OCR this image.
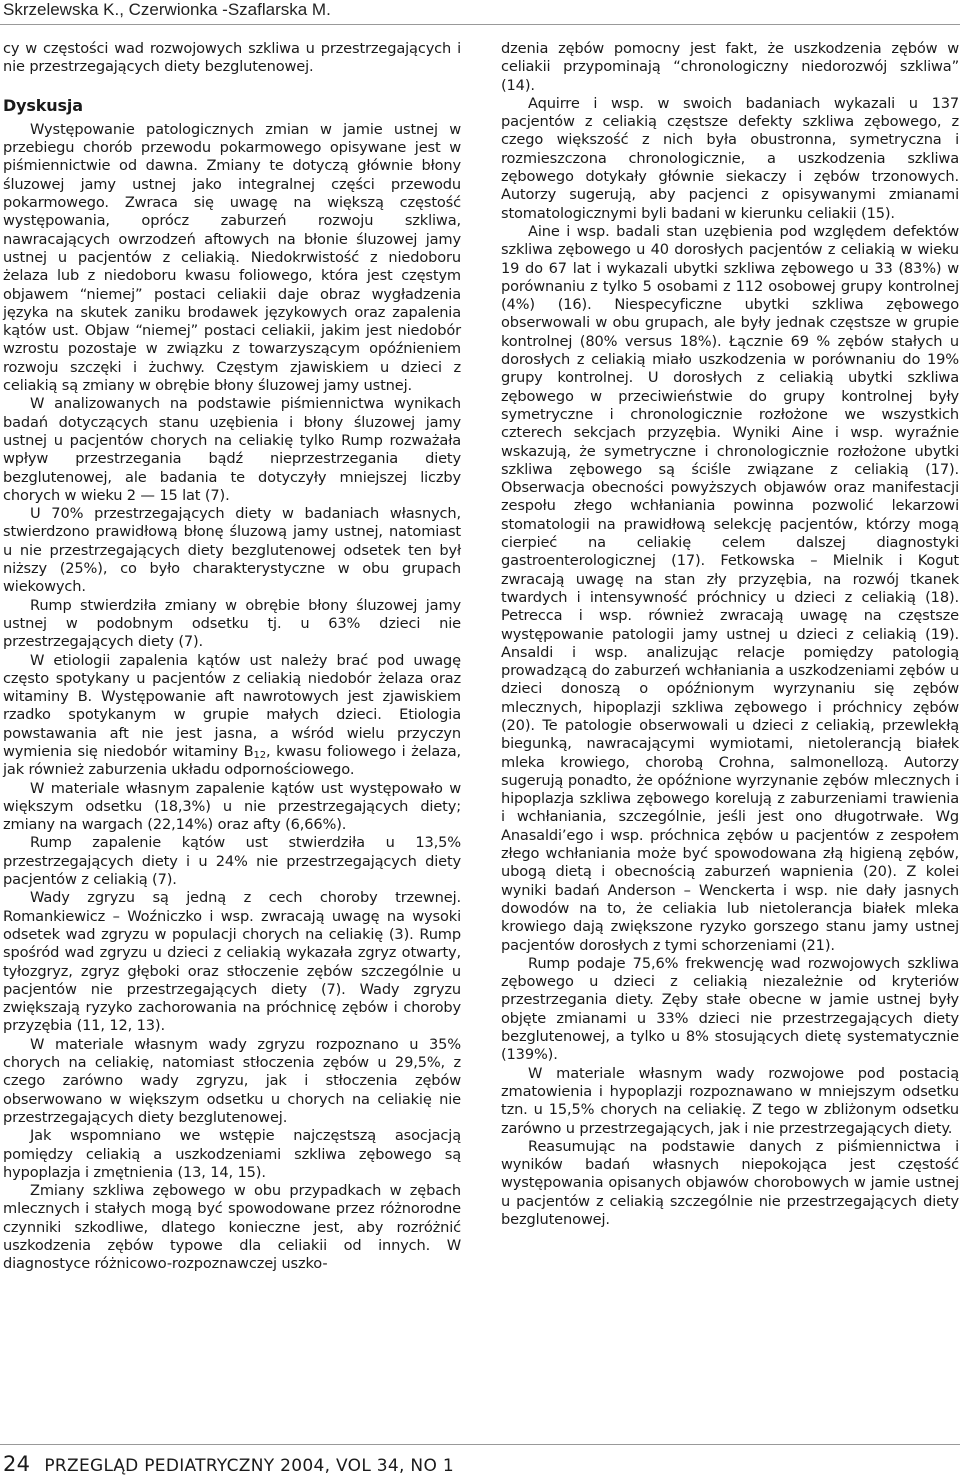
Skrzelewska K., Czerwionka -Szaflarska M.

cy w częstości wad rozwojowych szkliwa u przestrzegających i nie przestrzegających diety bezglutenowej.

Dyskusja

Występowanie patologicznych zmian w jamie ustnej w przebiegu chorób przewodu pokarmowego opisywane jest w piśmiennictwie od dawna. Zmiany te dotyczą głównie błony śluzowej jamy ustnej jako integralnej części przewodu pokarmowego. Zwraca się uwagę na większą częstość występowania, oprócz zaburzeń rozwoju szkliwa, nawracających owrzodzeń aftowych na błonie śluzowej jamy ustnej u pacjentów z celiakią. Niedokrwistość z niedoboru żelaza lub z niedoboru kwasu foliowego, która jest częstym objawem “niemej” postaci celiakii daje obraz wygładzenia języka na skutek zaniku brodawek językowych oraz zapalenia kątów ust. Objaw “niemej” postaci celiakii, jakim jest niedobór wzrostu pozostaje w związku z towarzyszącym opóźnieniem rozwoju szczęki i żuchwy. Częstym zjawiskiem u dzieci z celiakią są zmiany w obrębie błony śluzowej jamy ustnej.

W analizowanych na podstawie piśmiennictwa wynikach badań dotyczących stanu uzębienia i błony śluzowej jamy ustnej u pacjentów chorych na celiakię tylko Rump rozważała wpływ przestrzegania bądź nieprzestrzegania diety bezglutenowej, ale badania te dotyczyły mniejszej liczby chorych w wieku 2 — 15 lat (7).

U 70% przestrzegających diety w badaniach własnych, stwierdzono prawidłową błonę śluzową jamy ustnej, natomiast u nie przestrzegających diety bezglutenowej odsetek ten był niższy (25%), co było charakterystyczne w obu grupach wiekowych.

Rump stwierdziła zmiany w obrębie błony śluzowej jamy ustnej w podobnym odsetku tj. u 63% dzieci nie przestrzegających diety (7).

W etiologii zapalenia kątów ust należy brać pod uwagę często spotykany u pacjentów z celiakią niedobór żelaza oraz witaminy B. Występowanie aft nawrotowych jest zjawiskiem rzadko spotykanym w grupie małych dzieci. Etiologia powstawania aft nie jest jasna, a wśród wielu przyczyn wymienia się niedobór witaminy $B_{12}$, kwasu foliowego i żelaza, jak również zaburzenia układu odpornościowego.

W materiale własnym zapalenie kątów ust występowało w większym odsetku (18,3%) u nie przestrzegających diety; zmiany na wargach (22,14%) oraz afty (6,66%).

Rump zapalenie kątów ust stwierdziła u 13,5% przestrzegających diety i u 24% nie przestrzegających diety pacjentów z celiakią (7).

Wady zgryzu są jedną z cech choroby trzewnej. Romankiewicz – Woźniczko i wsp. zwracają uwagę na wysoki odsetek wad zgryzu w populacji chorych na celiakię (3). Rump spośród wad zgryzu u dzieci z celiakią wykazała zgryz otwarty, tyłozgryz, zgryz głęboki oraz stłoczenie zębów szczególnie u pacjentów nie przestrzegających diety (7). Wady zgryzu zwiększają ryzyko zachorowania na próchnicę zębów i choroby przyzębia (11, 12, 13).

W materiale własnym wady zgryzu rozpoznano u 35% chorych na celiakię, natomiast stłoczenia zębów u 29,5%, z czego zarówno wady zgryzu, jak i stłoczenia zębów obserwowano w większym odsetku u chorych na celiakię nie przestrzegających diety bezglutenowej.

Jak wspomniano we wstępie najczęstszą asocjacją pomiędzy celiakią a uszkodzeniami szkliwa zębowego są hypoplazja i zmętnienia (13, 14, 15).

Zmiany szkliwa zębowego w obu przypadkach w zębach mlecznych i stałych mogą być spowodowane przez różnorodne czynniki szkodliwe, dlatego konieczne jest, aby rozróżnić uszkodzenia zębów typowe dla celiakii od innych. W diagnostyce różnicowo-rozpoznawczej uszko-

dzenia zębów pomocny jest fakt, że uszkodzenia zębów w celiakii przypominają “chronologiczny niedorozwój szkliwa” (14).

Aquirre i wsp. w swoich badaniach wykazali u 137 pacjentów z celiakią częstsze defekty szkliwa zębowego, z czego większość z nich była obustronna, symetryczna i rozmieszczona chronologicznie, a uszkodzenia szkliwa zębowego dotykały głównie siekaczy i zębów trzonowych. Autorzy sugerują, aby pacjenci z opisywanymi zmianami stomatologicznymi byli badani w kierunku celiakii (15).

Aine i wsp. badali stan uzębienia pod względem defektów szkliwa zębowego u 40 dorosłych pacjentów z celiakią w wieku 19 do 67 lat i wykazali ubytki szkliwa zębowego u 33 (83%) w porównaniu z tylko 5 osobami z 112 osobowej grupy kontrolnej (4%) (16). Niespecyficzne ubytki szkliwa zębowego obserwowali w obu grupach, ale były jednak częstsze w grupie kontrolnej (80% versus 18%). Łącznie 69 % zębów stałych u dorosłych z celiakią miało uszkodzenia w porównaniu do 19% grupy kontrolnej. U dorosłych z celiakią ubytki szkliwa zębowego w przeciwieństwie do grupy kontrolnej były symetryczne i chronologicznie rozłożone we wszystkich czterech sekcjach przyzębia. Wyniki Aine i wsp. wyraźnie wskazują, że symetryczne i chronologicznie rozłożone ubytki szkliwa zębowego są ściśle związane z celiakią (17). Obserwacja obecności powyższych objawów oraz manifestacji zespołu złego wchłaniania powinna pozwolić lekarzowi stomatologii na prawidłową selekcję pacjentów, którzy mogą cierpieć na celiakię celem dalszej diagnostyki gastroenterologicznej (17). Fetkowska – Mielnik i Kogut zwracają uwagę na stan zły przyzębia, na rozwój tkanek twardych i intensywność próchnicy u dzieci z celiakią (18). Petrecca i wsp. również zwracają uwagę na częstsze występowanie patologii jamy ustnej u dzieci z celiakią (19). Ansaldi i wsp. analizując relacje pomiędzy patologią prowadzącą do zaburzeń wchłaniania a uszkodzeniami zębów u dzieci donoszą o opóźnionym wyrzynaniu się zębów mlecznych, hipoplazji szkliwa zębowego i próchnicy zębów (20). Te patologie obserwowali u dzieci z celiakią, przewlekłą biegunką, nawracającymi wymiotami, nietolerancją białek mleka krowiego, chorobą Crohna, salmonellozą. Autorzy sugerują ponadto, że opóźnione wyrzynanie zębów mlecznych i hipoplazja szkliwa zębowego korelują z zaburzeniami trawienia i wchłaniania, szczególnie, jeśli jest ono długotrwałe. Wg Anasaldi’ego i wsp. próchnica zębów u pacjentów z zespołem złego wchłaniania może być spowodowana złą higieną zębów, ubogą dietą i obecnością zaburzeń wapnienia (20). Z kolei wyniki badań Anderson – Wenckerta i wsp. nie dały jasnych dowodów na to, że celiakia lub nietolerancja białek mleka krowiego dają zwiększone ryzyko gorszego stanu jamy ustnej pacjentów dorosłych z tymi schorzeniami (21).

Rump podaje 75,6% frekwencję wad rozwojowych szkliwa zębowego u dzieci z celiakią niezależnie od kryteriów przestrzegania diety. Zęby stałe obecne w jamie ustnej były objęte zmianami u 33% dzieci nie przestrzegających diety bezglutenowej, a tylko u 8% stosujących dietę systematycznie (139%).

W materiale własnym wady rozwojowe pod postacią zmatowienia i hypoplazji rozpoznawano w mniejszym odsetku tzn. u 15,5% chorych na celiakię. Z tego w zbliżonym odsetku zarówno u przestrzegających, jak i nie przestrzegających diety.

Reasumując na podstawie danych z piśmiennictwa i wyników badań własnych niepokojąca jest częstość występowania opisanych objawów chorobowych w jamie ustnej u pacjentów z celiakią szczególnie nie przestrzegających diety bezglutenowej.

24 PRZEGLĄD PEDIATRYCZNY 2004, VOL 34, NO 1
